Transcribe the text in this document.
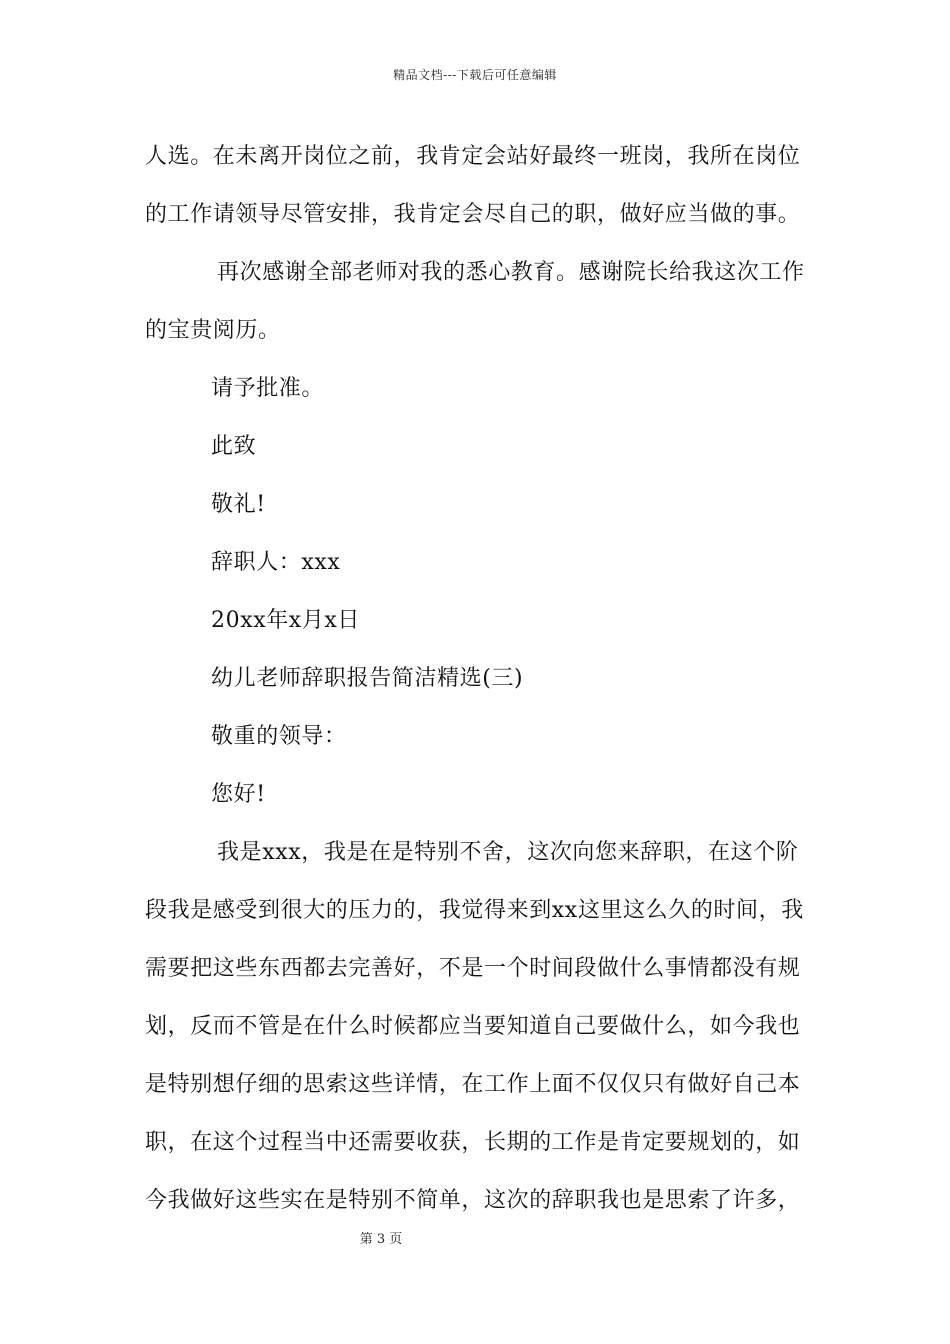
精品文档---下载后可任意编辑
人选。在未离开岗位之前，我肯定会站好最终一班岗，我所在岗位
的工作请领导尽管安排，我肯定会尽自己的职，做好应当做的事。
再次感谢全部老师对我的悉心教育。感谢院长给我这次工作
的宝贵阅历。
请予批准。
此致
敬礼!
辞职人：xxx
20xx年x月x日
幼儿老师辞职报告简洁精选(三)
敬重的领导：
您好!
我是xxx，我是在是特别不舍，这次向您来辞职，在这个阶
段我是感受到很大的压力的，我觉得来到xx这里这么久的时间，我
需要把这些东西都去完善好，不是一个时间段做什么事情都没有规
划，反而不管是在什么时候都应当要知道自己要做什么，如今我也
是特别想仔细的思索这些详情，在工作上面不仅仅只有做好自己本
职，在这个过程当中还需要收获，长期的工作是肯定要规划的，如
今我做好这些实在是特别不简单，这次的辞职我也是思索了许多，
第 3 页
